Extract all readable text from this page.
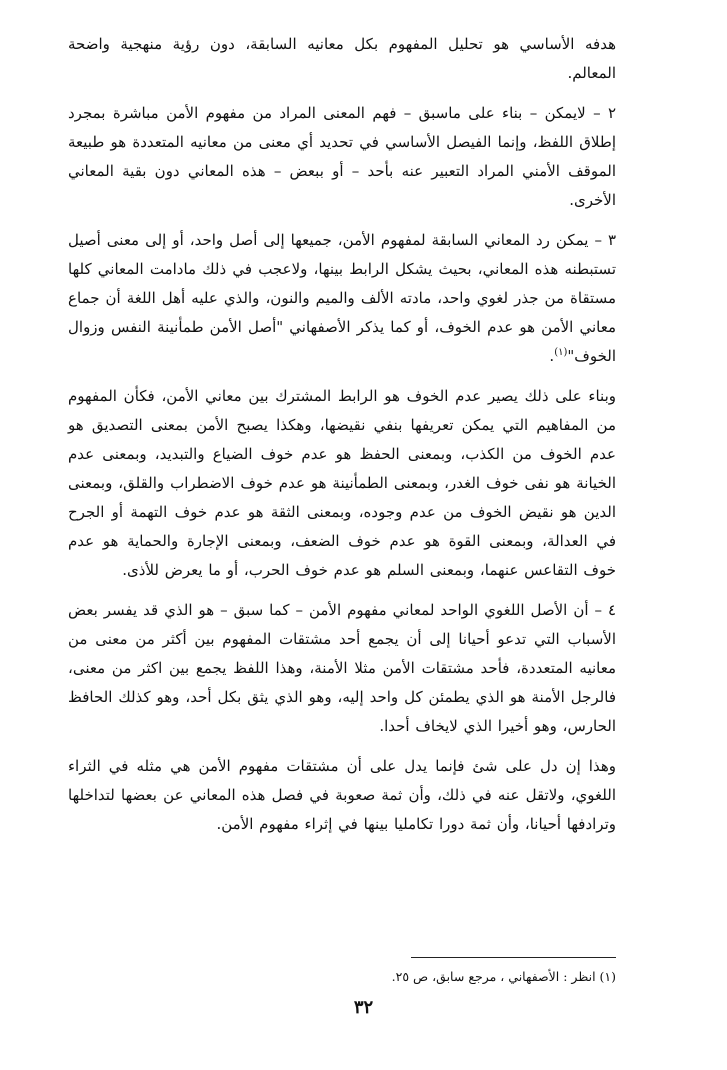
هدفه الأساسي هو تحليل المفهوم بكل معانيه السابقة، دون رؤية منهجية واضحة المعالم.

٢ – لايمكن – بناء على ماسبق – فهم المعنى المراد من مفهوم الأمن مباشرة بمجرد إطلاق اللفظ، وإنما الفيصل الأساسي في تحديد أي معنى من معانيه المتعددة هو طبيعة الموقف الأمني المراد التعبير عنه بأحد – أو ببعض – هذه المعاني دون بقية المعاني الأخرى.

٣ – يمكن رد المعاني السابقة لمفهوم الأمن، جميعها إلى أصل واحد، أو إلى معنى أصيل تستبطنه هذه المعاني، بحيث يشكل الرابط بينها، ولاعجب في ذلك مادامت المعاني كلها مستقاة من جذر لغوي واحد، مادته الألف والميم والنون، والذي عليه أهل اللغة أن جماع معاني الأمن هو عدم الخوف، أو كما يذكر الأصفهاني "أصل الأمن طمأنينة النفس وزوال الخوف"$^{(١)}$.

وبناء على ذلك يصير عدم الخوف هو الرابط المشترك بين معاني الأمن، فكأن المفهوم من المفاهيم التي يمكن تعريفها بنفي نقيضها، وهكذا يصبح الأمن بمعنى التصديق هو عدم الخوف من الكذب، وبمعنى الحفظ هو عدم خوف الضياع والتبديد، وبمعنى عدم الخيانة هو نفى خوف الغدر، وبمعنى الطمأنينة هو عدم خوف الاضطراب والقلق، وبمعنى الدين هو نقيض الخوف من عدم وجوده، وبمعنى الثقة هو عدم خوف التهمة أو الجرح في العدالة، وبمعنى القوة هو عدم خوف الضعف، وبمعنى الإجارة والحماية هو عدم خوف التقاعس عنهما، وبمعنى السلم هو عدم خوف الحرب، أو ما يعرض للأذى.

٤ – أن الأصل اللغوي الواحد لمعاني مفهوم الأمن – كما سبق – هو الذي قد يفسر بعض الأسباب التي تدعو أحيانا إلى أن يجمع أحد مشتقات المفهوم بين أكثر من معنى من معانيه المتعددة، فأحد مشتقات الأمن مثلا الأمنة، وهذا اللفظ يجمع بين اكثر من معنى، فالرجل الأمنة هو الذي يطمئن كل واحد إليه، وهو الذي يثق بكل أحد، وهو كذلك الحافظ الحارس، وهو أخيرا الذي لايخاف أحدا.

وهذا إن دل على شئ فإنما يدل على أن مشتقات مفهوم الأمن هي مثله في الثراء اللغوي، ولاتقل عنه في ذلك، وأن ثمة صعوبة في فصل هذه المعاني عن بعضها لتداخلها وترادفها أحيانا، وأن ثمة دورا تكامليا بينها في إثراء مفهوم الأمن.

(١) انظر : الأصفهاني ، مرجع سابق، ص ٢٥.
٣٢
